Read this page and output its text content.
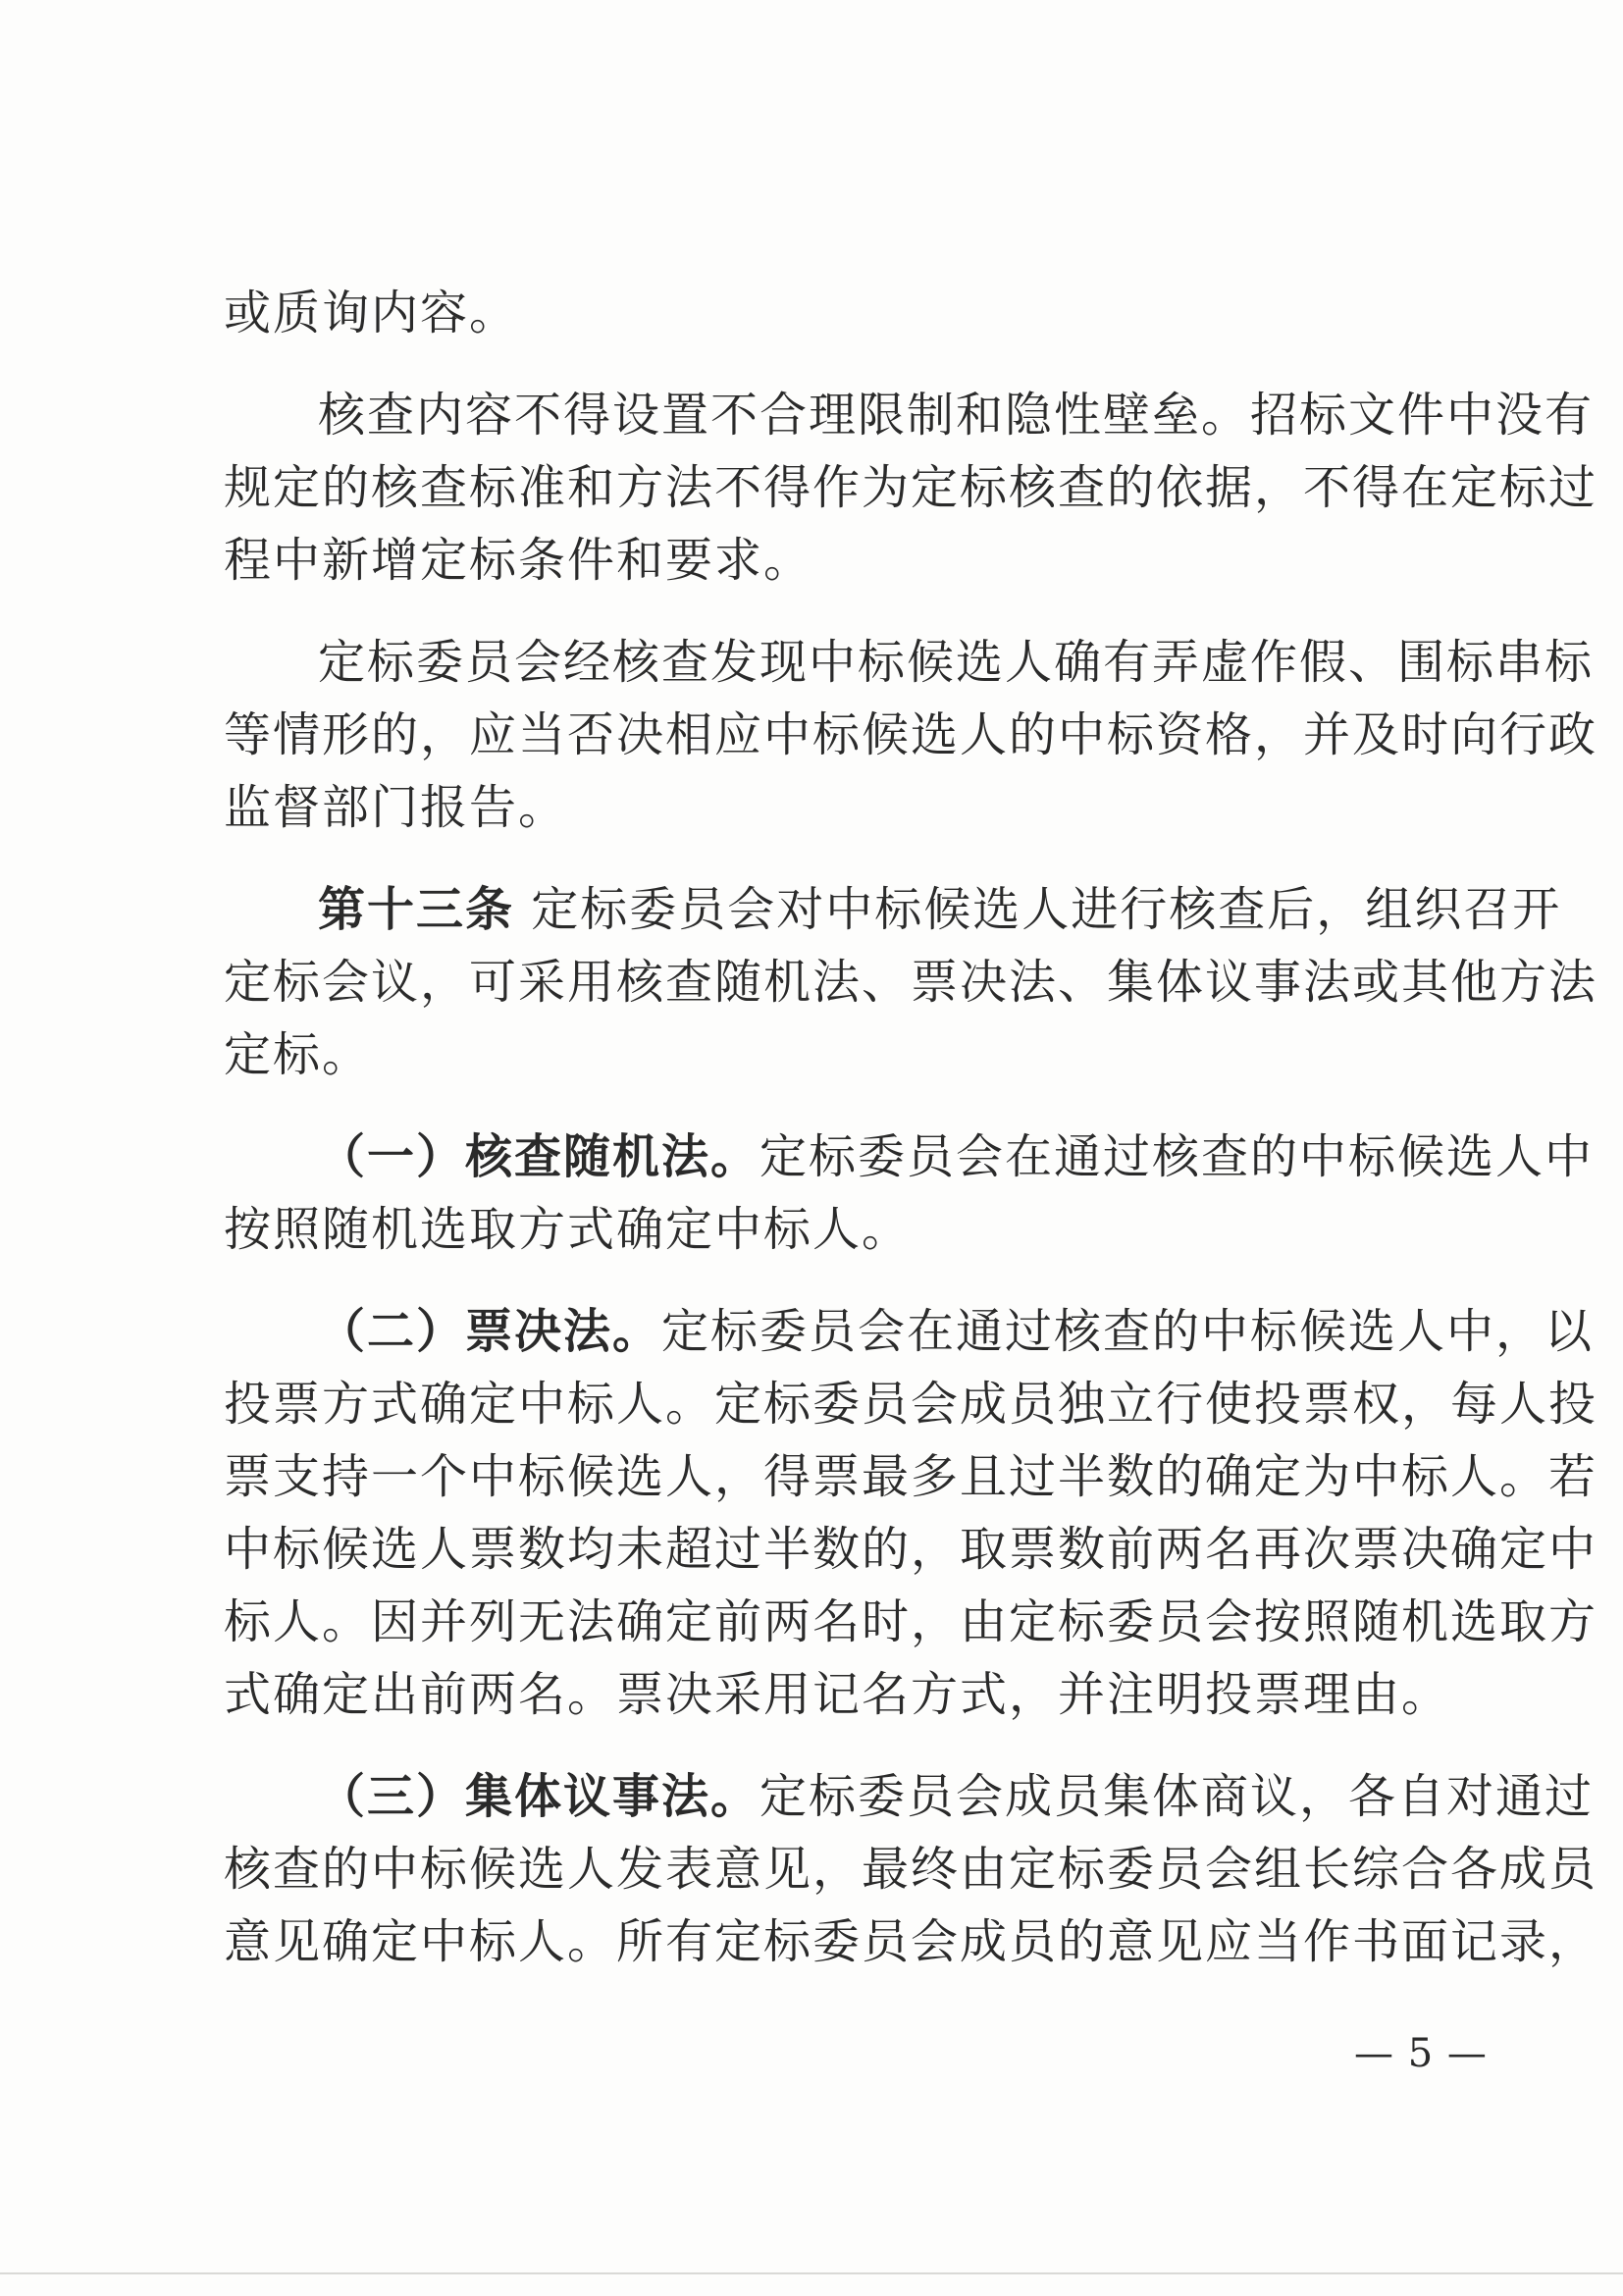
或质询内容。
核查内容不得设置不合理限制和隐性壁垒。招标文件中没有
规定的核查标准和方法不得作为定标核查的依据，不得在定标过
程中新增定标条件和要求。
定标委员会经核查发现中标候选人确有弄虚作假、围标串标
等情形的，应当否决相应中标候选人的中标资格，并及时向行政
监督部门报告。
第十三条 定标委员会对中标候选人进行核查后，组织召开
定标会议，可采用核查随机法、票决法、集体议事法或其他方法
定标。
（一）核查随机法。定标委员会在通过核查的中标候选人中
按照随机选取方式确定中标人。
（二）票决法。定标委员会在通过核查的中标候选人中，以
投票方式确定中标人。定标委员会成员独立行使投票权，每人投
票支持一个中标候选人，得票最多且过半数的确定为中标人。若
中标候选人票数均未超过半数的，取票数前两名再次票决确定中
标人。因并列无法确定前两名时，由定标委员会按照随机选取方
式确定出前两名。票决采用记名方式，并注明投票理由。
（三）集体议事法。定标委员会成员集体商议，各自对通过
核查的中标候选人发表意见，最终由定标委员会组长综合各成员
意见确定中标人。所有定标委员会成员的意见应当作书面记录，
— 5 —
